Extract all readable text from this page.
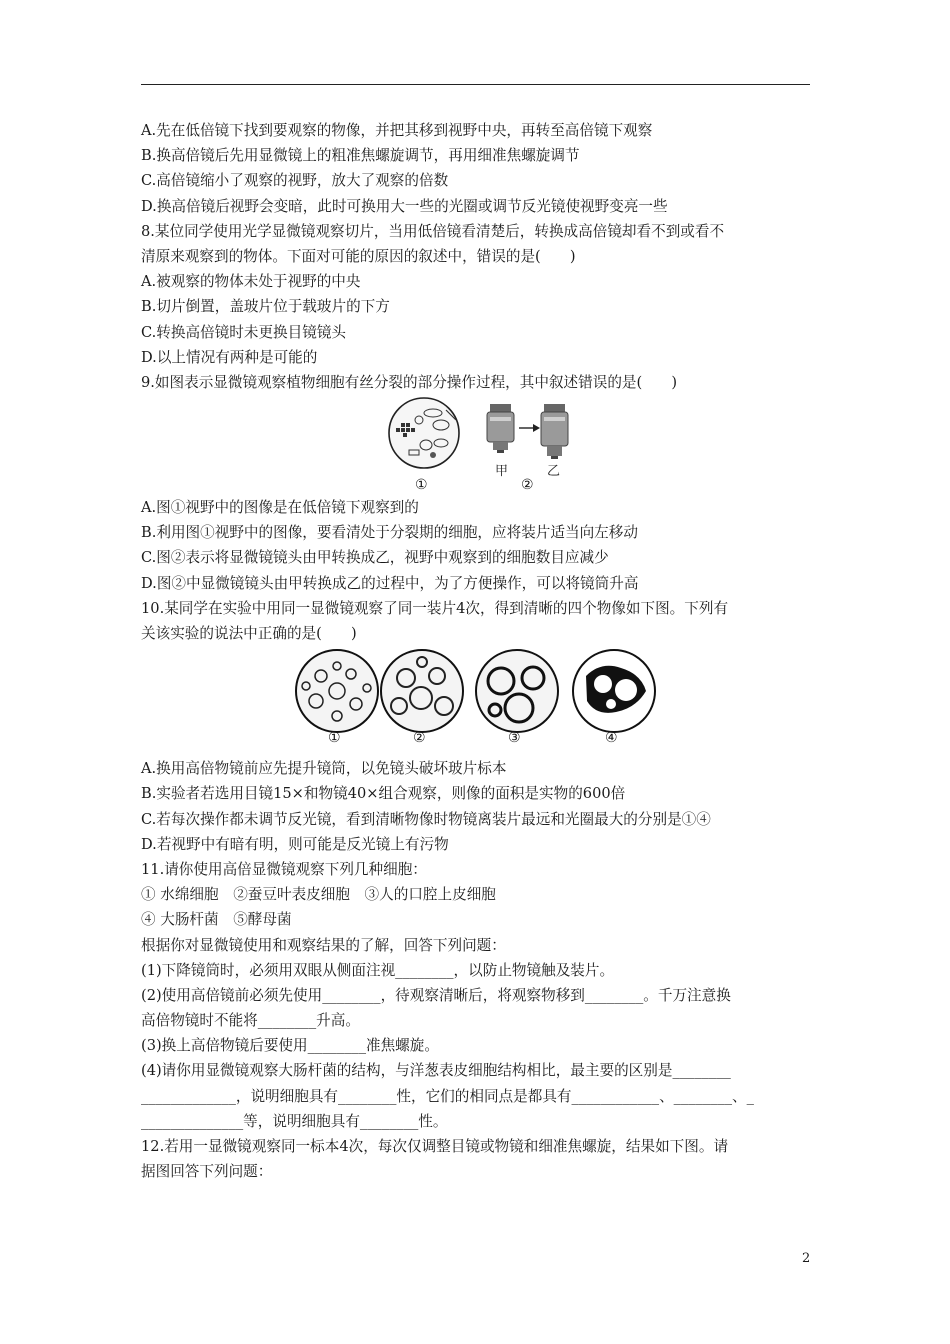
A.先在低倍镜下找到要观察的物像，并把其移到视野中央，再转至高倍镜下观察
B.换高倍镜后先用显微镜上的粗准焦螺旋调节，再用细准焦螺旋调节
C.高倍镜缩小了观察的视野，放大了观察的倍数
D.换高倍镜后视野会变暗，此时可换用大一些的光圈或调节反光镜使视野变亮一些
8.某位同学使用光学显微镜观察切片，当用低倍镜看清楚后，转换成高倍镜却看不到或看不
清原来观察到的物体。下面对可能的原因的叙述中，错误的是(　　)
A.被观察的物体未处于视野的中央
B.切片倒置，盖玻片位于载玻片的下方
C.转换高倍镜时未更换目镜镜头
D.以上情况有两种是可能的
9.如图表示显微镜观察植物细胞有丝分裂的部分操作过程，其中叙述错误的是(　　)
甲	乙
①	②
A.图①视野中的图像是在低倍镜下观察到的
B.利用图①视野中的图像，要看清处于分裂期的细胞，应将装片适当向左移动
C.图②表示将显微镜镜头由甲转换成乙，视野中观察到的细胞数目应减少
D.图②中显微镜镜头由甲转换成乙的过程中，为了方便操作，可以将镜筒升高
10.某同学在实验中用同一显微镜观察了同一装片4次，得到清晰的四个物像如下图。下列有
关该实验的说法中正确的是(　　)
①	②	③	④
A.换用高倍物镜前应先提升镜筒，以免镜头破坏玻片标本
B.实验者若选用目镜15×和物镜40×组合观察，则像的面积是实物的600倍
C.若每次操作都未调节反光镜，看到清晰物像时物镜离装片最远和光圈最大的分别是①④
D.若视野中有暗有明，则可能是反光镜上有污物
11.请你使用高倍显微镜观察下列几种细胞：
① 水绵细胞　②蚕豆叶表皮细胞　③人的口腔上皮细胞
④ 大肠杆菌　⑤酵母菌
根据你对显微镜使用和观察结果的了解，回答下列问题：
(1)下降镜筒时，必须用双眼从侧面注视________，以防止物镜触及装片。
(2)使用高倍镜前必须先使用________，待观察清晰后，将观察物移到________。千万注意换
高倍物镜时不能将________升高。
(3)换上高倍物镜后要使用________准焦螺旋。
(4)请你用显微镜观察大肠杆菌的结构，与洋葱表皮细胞结构相比，最主要的区别是________
_____________，说明细胞具有________性，它们的相同点是都具有____________、________、_
______________等，说明细胞具有________性。
12.若用一显微镜观察同一标本4次，每次仅调整目镜或物镜和细准焦螺旋，结果如下图。请
据图回答下列问题：
2
